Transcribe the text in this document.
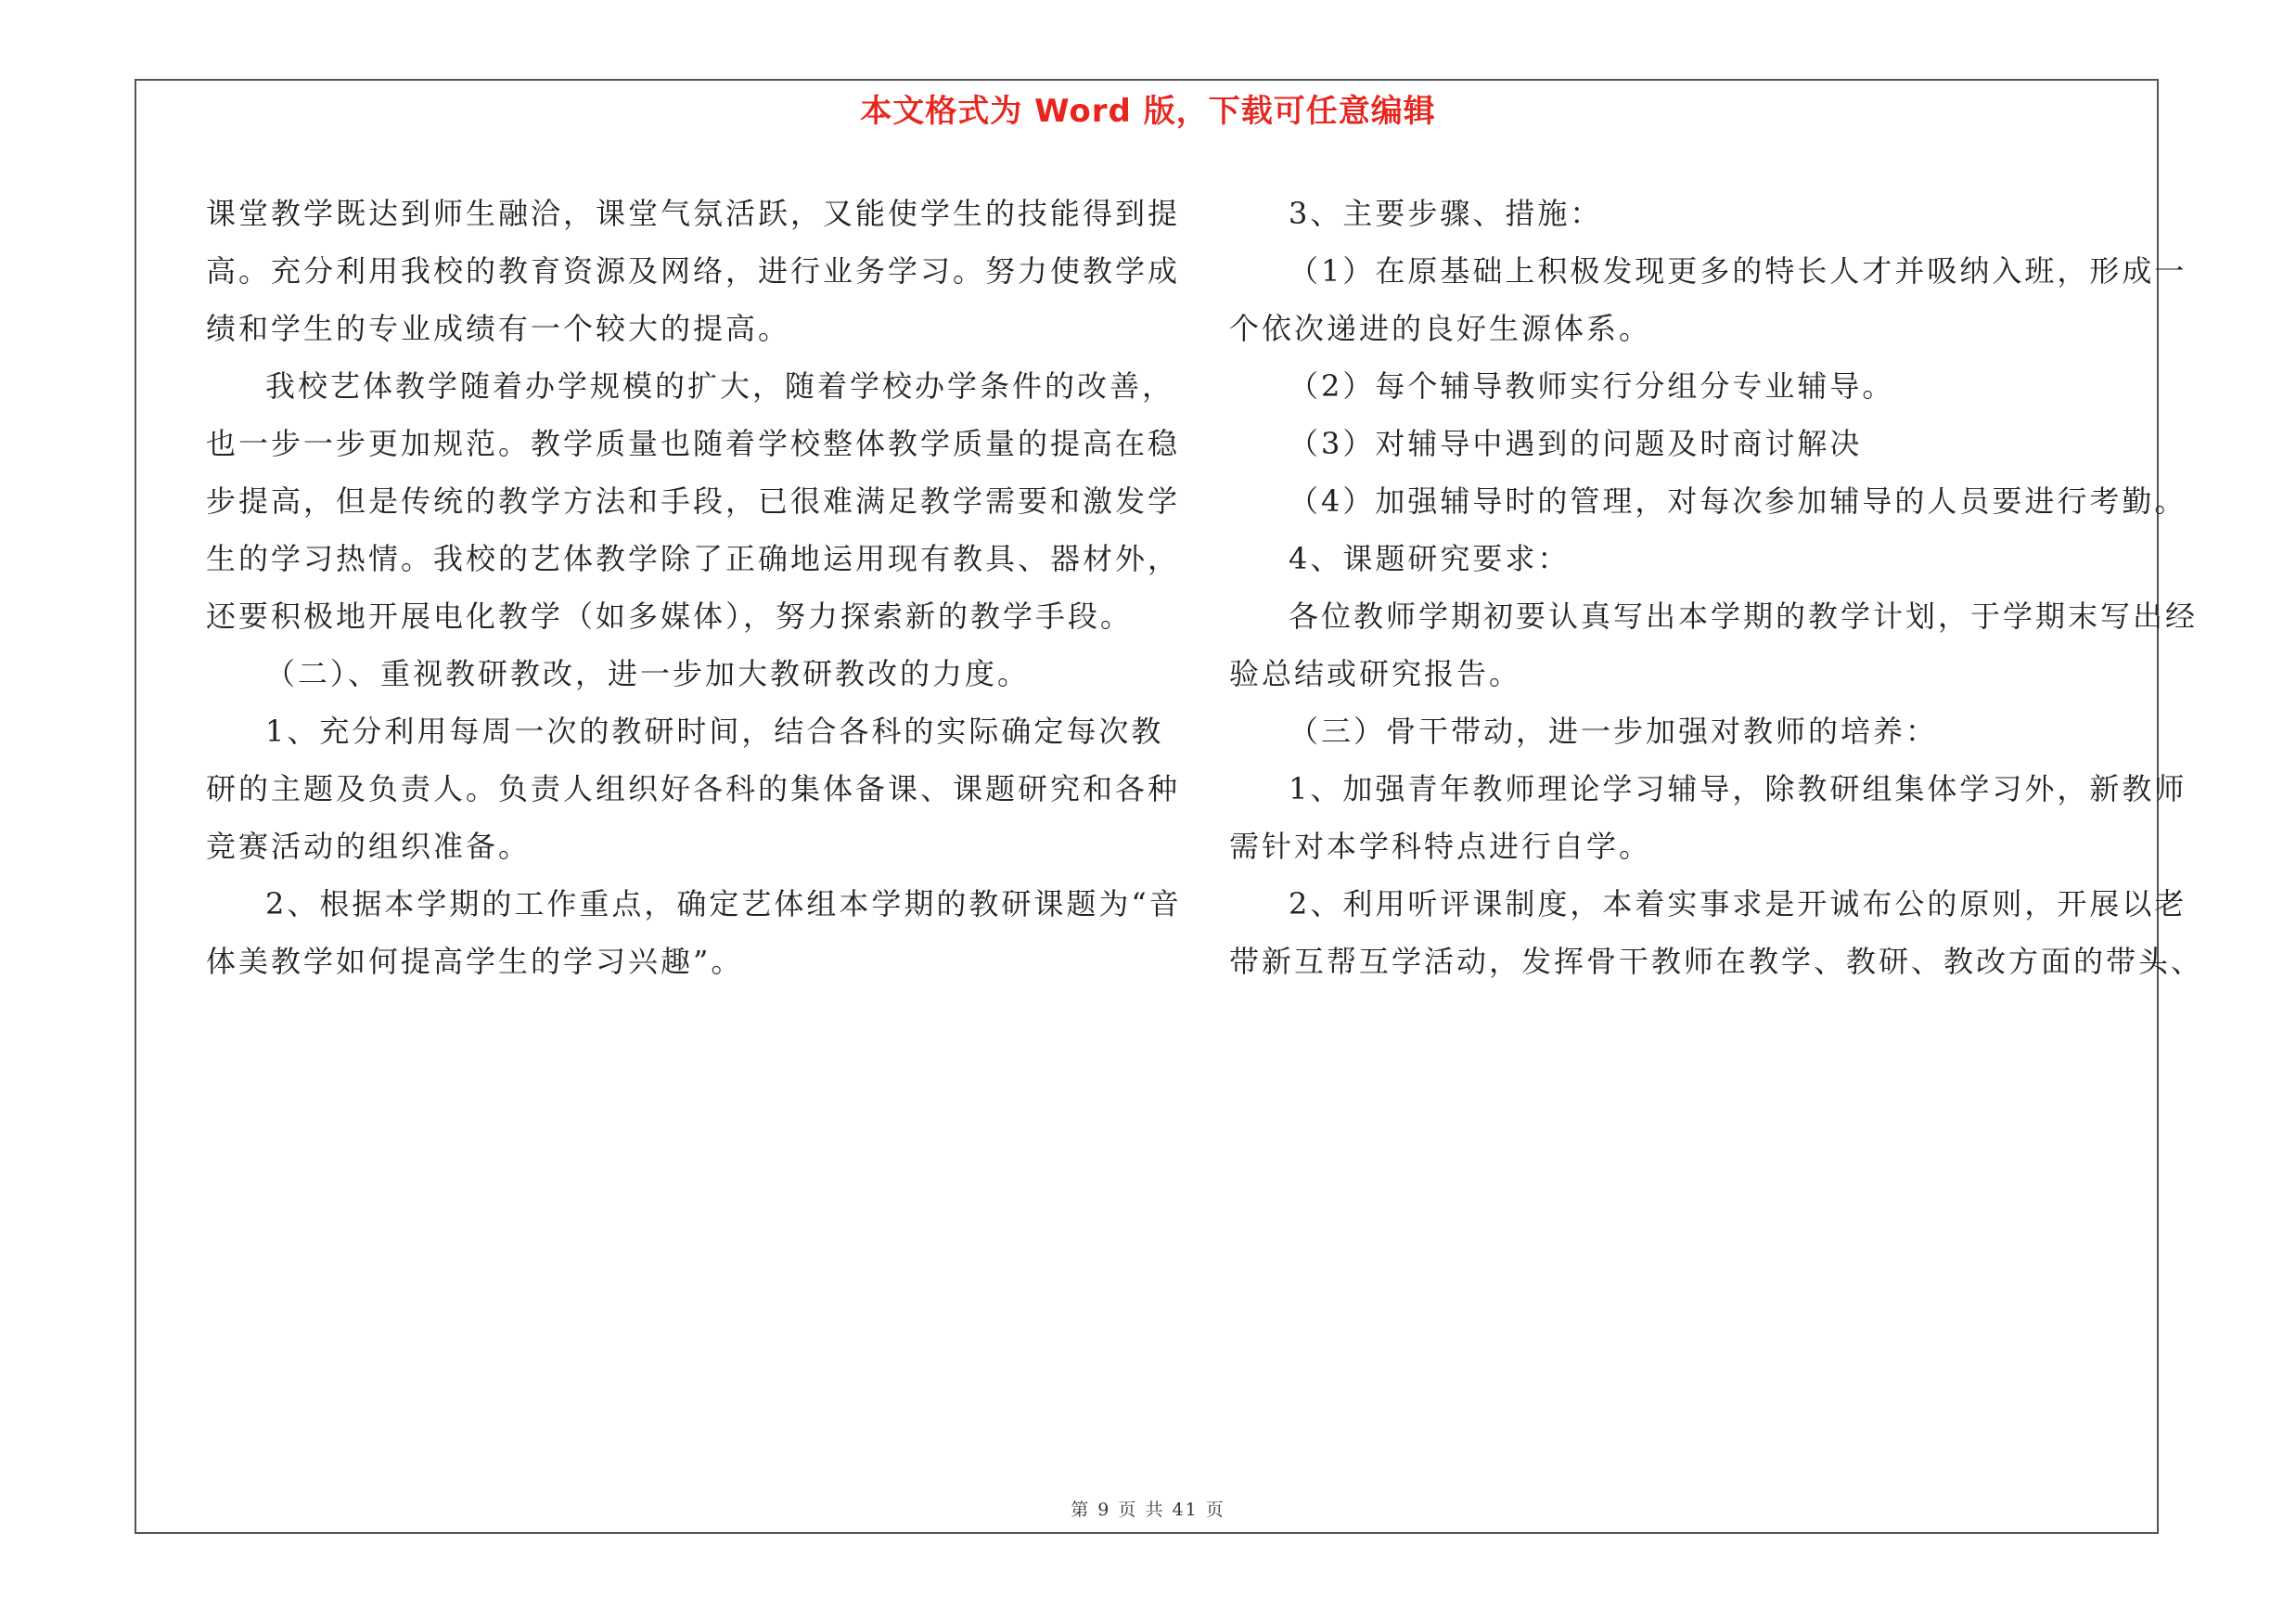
本文格式为 Word 版，下载可任意编辑
课堂教学既达到师生融洽，课堂气氛活跃，又能使学生的技能得到提
高。充分利用我校的教育资源及网络，进行业务学习。努力使教学成
绩和学生的专业成绩有一个较大的提高。
我校艺体教学随着办学规模的扩大，随着学校办学条件的改善，
也一步一步更加规范。教学质量也随着学校整体教学质量的提高在稳
步提高，但是传统的教学方法和手段，已很难满足教学需要和激发学
生的学习热情。我校的艺体教学除了正确地运用现有教具、器材外，
还要积极地开展电化教学（如多媒体），努力探索新的教学手段。
（二）、重视教研教改，进一步加大教研教改的力度。
1、充分利用每周一次的教研时间，结合各科的实际确定每次教
研的主题及负责人。负责人组织好各科的集体备课、课题研究和各种
竞赛活动的组织准备。
2、根据本学期的工作重点，确定艺体组本学期的教研课题为“音
体美教学如何提高学生的学习兴趣”。
3、主要步骤、措施：
（1）在原基础上积极发现更多的特长人才并吸纳入班，形成一
个依次递进的良好生源体系。
（2）每个辅导教师实行分组分专业辅导。
（3）对辅导中遇到的问题及时商讨解决
（4）加强辅导时的管理，对每次参加辅导的人员要进行考勤。
4、课题研究要求：
各位教师学期初要认真写出本学期的教学计划，于学期末写出经
验总结或研究报告。
（三）骨干带动，进一步加强对教师的培养：
1、加强青年教师理论学习辅导，除教研组集体学习外，新教师
需针对本学科特点进行自学。
2、利用听评课制度，本着实事求是开诚布公的原则，开展以老
带新互帮互学活动，发挥骨干教师在教学、教研、教改方面的带头、
第 9 页 共 41 页
